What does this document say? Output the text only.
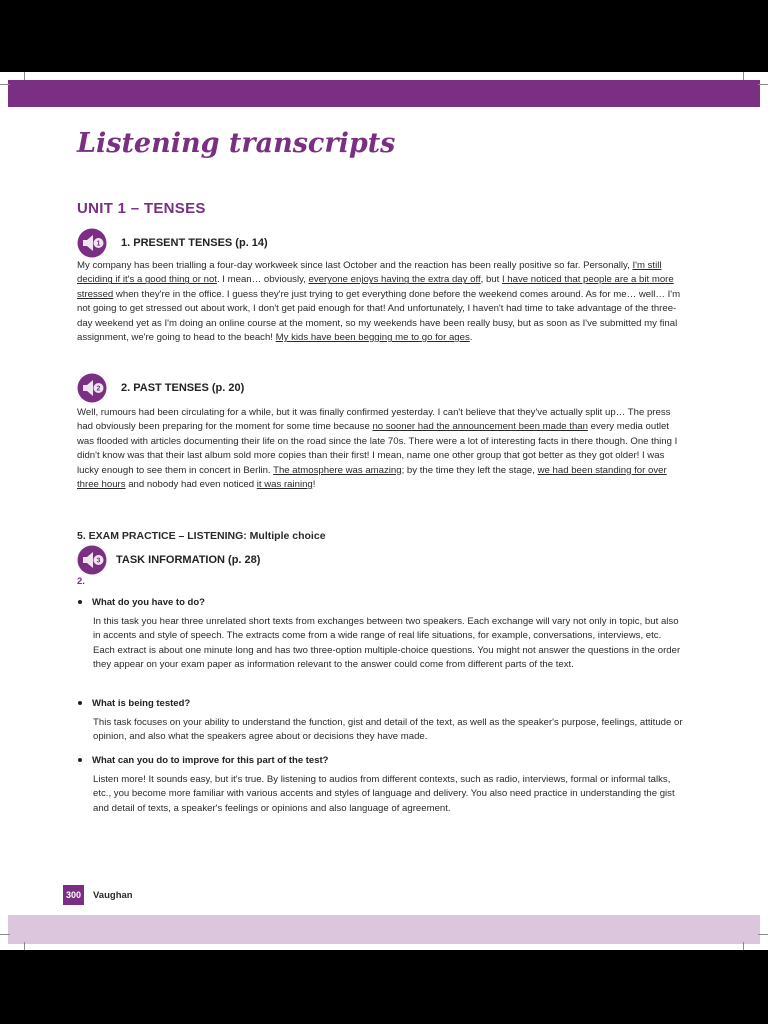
Listening transcripts
UNIT 1 – TENSES
1 1. PRESENT TENSES (p. 14)

My company has been trialling a four-day workweek since last October and the reaction has been really positive so far. Personally, I'm still deciding if it's a good thing or not. I mean… obviously, everyone enjoys having the extra day off, but I have noticed that people are a bit more stressed when they're in the office. I guess they're just trying to get everything done before the weekend comes around. As for me… well… I'm not going to get stressed out about work, I don't get paid enough for that! And unfortunately, I haven't had time to take advantage of the three-day weekend yet as I'm doing an online course at the moment, so my weekends have been really busy, but as soon as I've submitted my final assignment, we're going to head to the beach! My kids have been begging me to go for ages.

2 2. PAST TENSES (p. 20)

Well, rumours had been circulating for a while, but it was finally confirmed yesterday. I can't believe that they've actually split up… The press had obviously been preparing for the moment for some time because no sooner had the announcement been made than every media outlet was flooded with articles documenting their life on the road since the late 70s. There were a lot of interesting facts in there though. One thing I didn't know was that their last album sold more copies than their first! I mean, name one other group that got better as they got older! I was lucky enough to see them in concert in Berlin. The atmosphere was amazing; by the time they left the stage, we had been standing for over three hours and nobody had even noticed it was raining!

5. EXAM PRACTICE – LISTENING: Multiple choice
3 TASK INFORMATION (p. 28)
2.
What do you have to do?

In this task you hear three unrelated short texts from exchanges between two speakers. Each exchange will vary not only in topic, but also in accents and style of speech. The extracts come from a wide range of real life situations, for example, conversations, interviews, etc. Each extract is about one minute long and has two three-option multiple-choice questions. You might not answer the questions in the order they appear on your exam paper as information relevant to the answer could come from different parts of the text.

What is being tested?

This task focuses on your ability to understand the function, gist and detail of the text, as well as the speaker's purpose, feelings, attitude or opinion, and also what the speakers agree about or decisions they have made.

What can you do to improve for this part of the test?

Listen more! It sounds easy, but it's true. By listening to audios from different contexts, such as radio, interviews, formal or informal talks, etc., you become more familiar with various accents and styles of language and delivery. You also need practice in understanding the gist and detail of texts, a speaker's feelings or opinions and also language of agreement.

300	Vaughan
